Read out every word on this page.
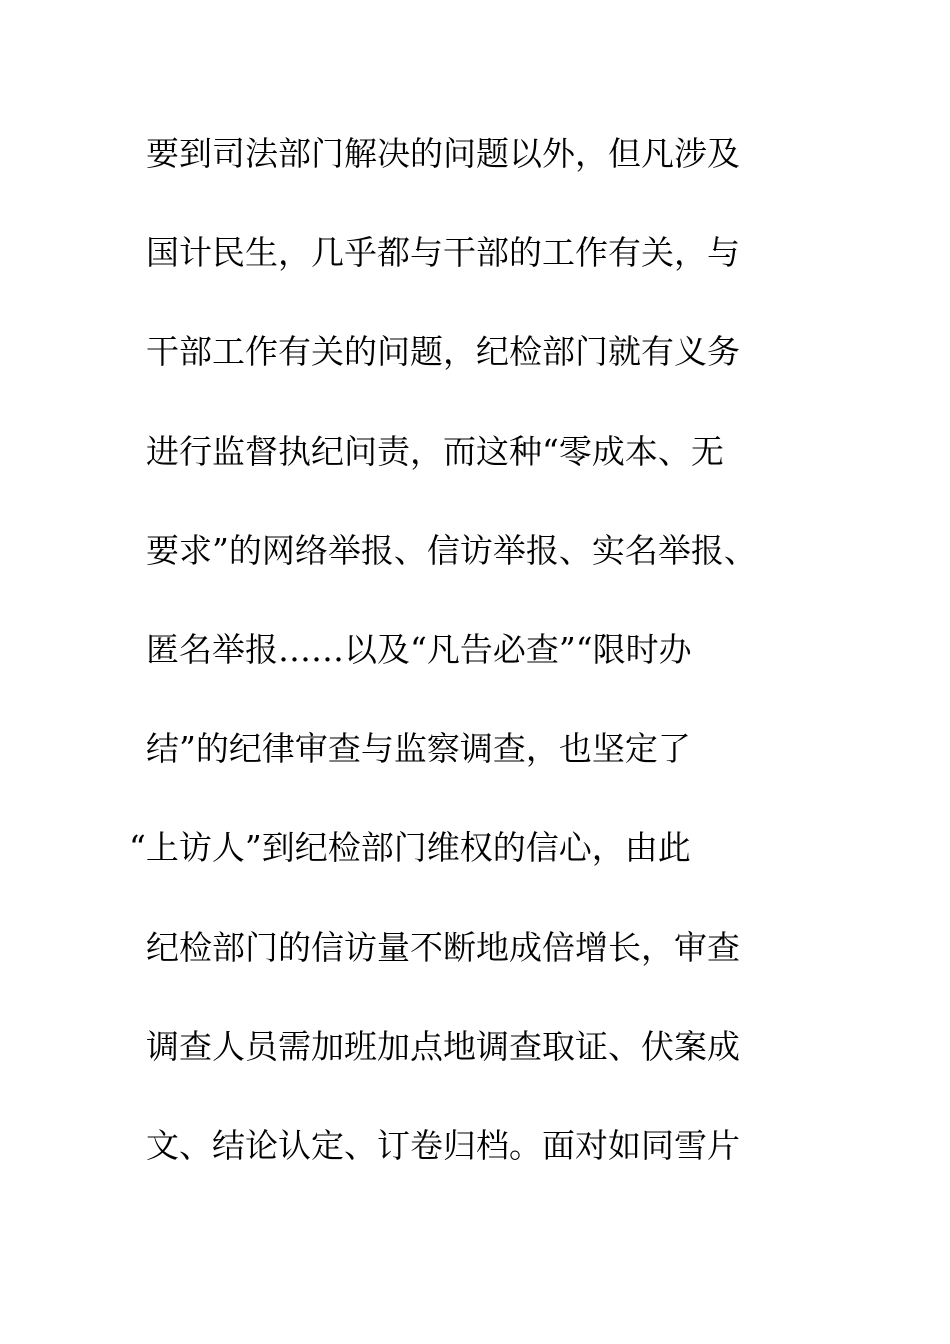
要到司法部门解决的问题以外，但凡涉及
国计民生，几乎都与干部的工作有关，与
干部工作有关的问题，纪检部门就有义务
进行监督执纪问责，而这种“零成本、无
要求”的网络举报、信访举报、实名举报、
匿名举报……以及“凡告必查”“限时办
结”的纪律审查与监察调查，也坚定了
“上访人”到纪检部门维权的信心，由此
纪检部门的信访量不断地成倍增长，审查
调查人员需加班加点地调查取证、伏案成
文、结论认定、订卷归档。面对如同雪片
